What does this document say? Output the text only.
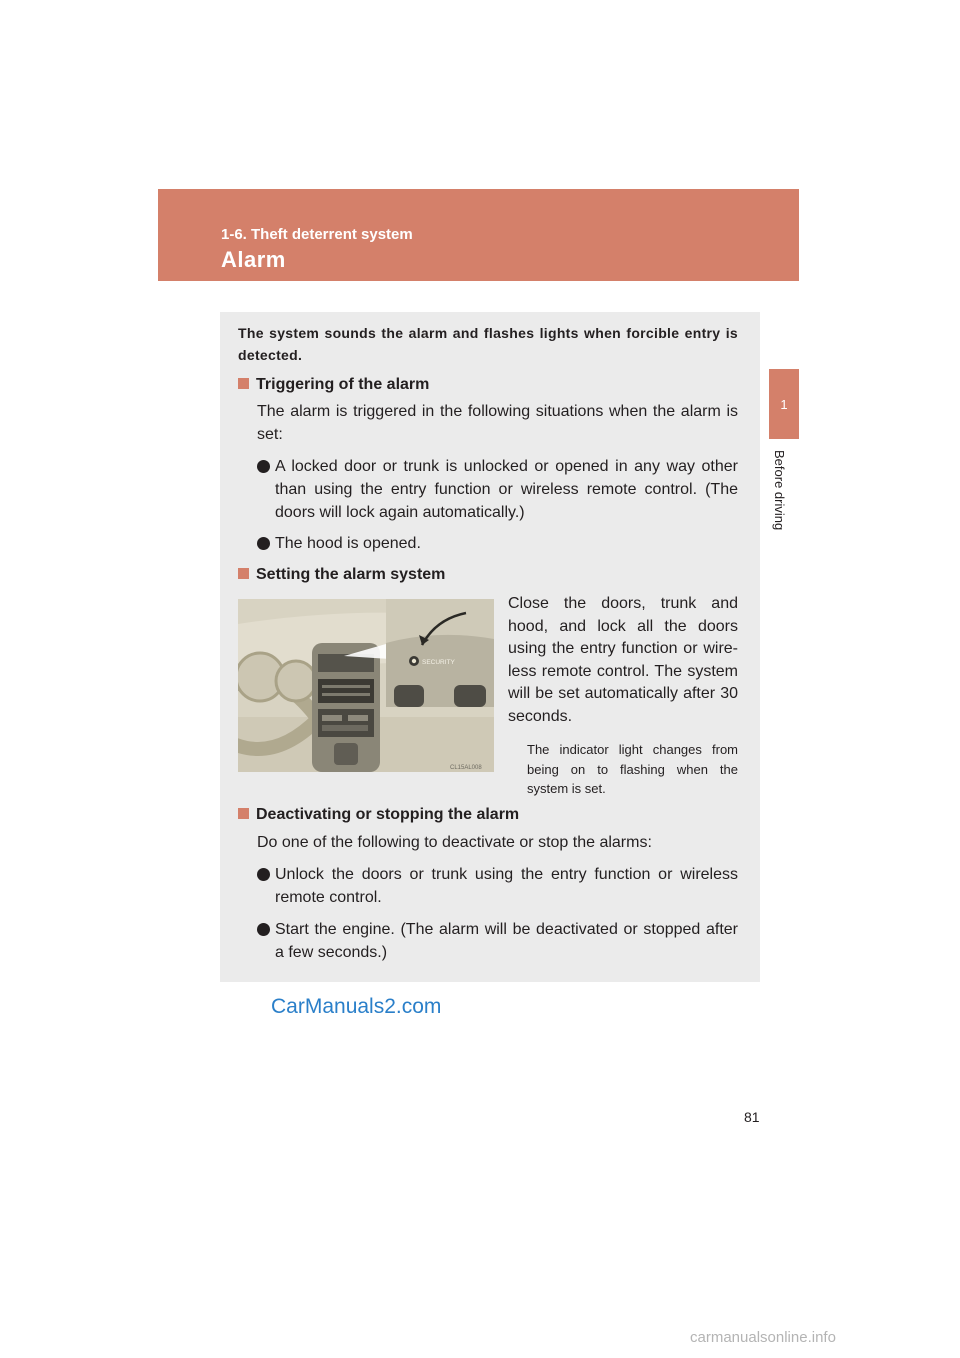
1-6. Theft deterrent system
Alarm
1
Before driving
The system sounds the alarm and flashes lights when forcible entry is detected.
Triggering of the alarm
The alarm is triggered in the following situations when the alarm is set:
A locked door or trunk is unlocked or opened in any way other than using the entry function or wireless remote control. (The doors will lock again automatically.)
The hood is opened.
Setting the alarm system
SECURITY
CL15AL008
Close the doors, trunk and hood, and lock all the doors using the entry function or wire-less remote control. The system will be set automatically after 30 seconds.
The indicator light changes from being on to flashing when the system is set.
Deactivating or stopping the alarm
Do one of the following to deactivate or stop the alarms:
Unlock the doors or trunk using the entry function or wireless remote control.
Start the engine. (The alarm will be deactivated or stopped after a few seconds.)
CarManuals2.com
81
carmanualsonline.info
